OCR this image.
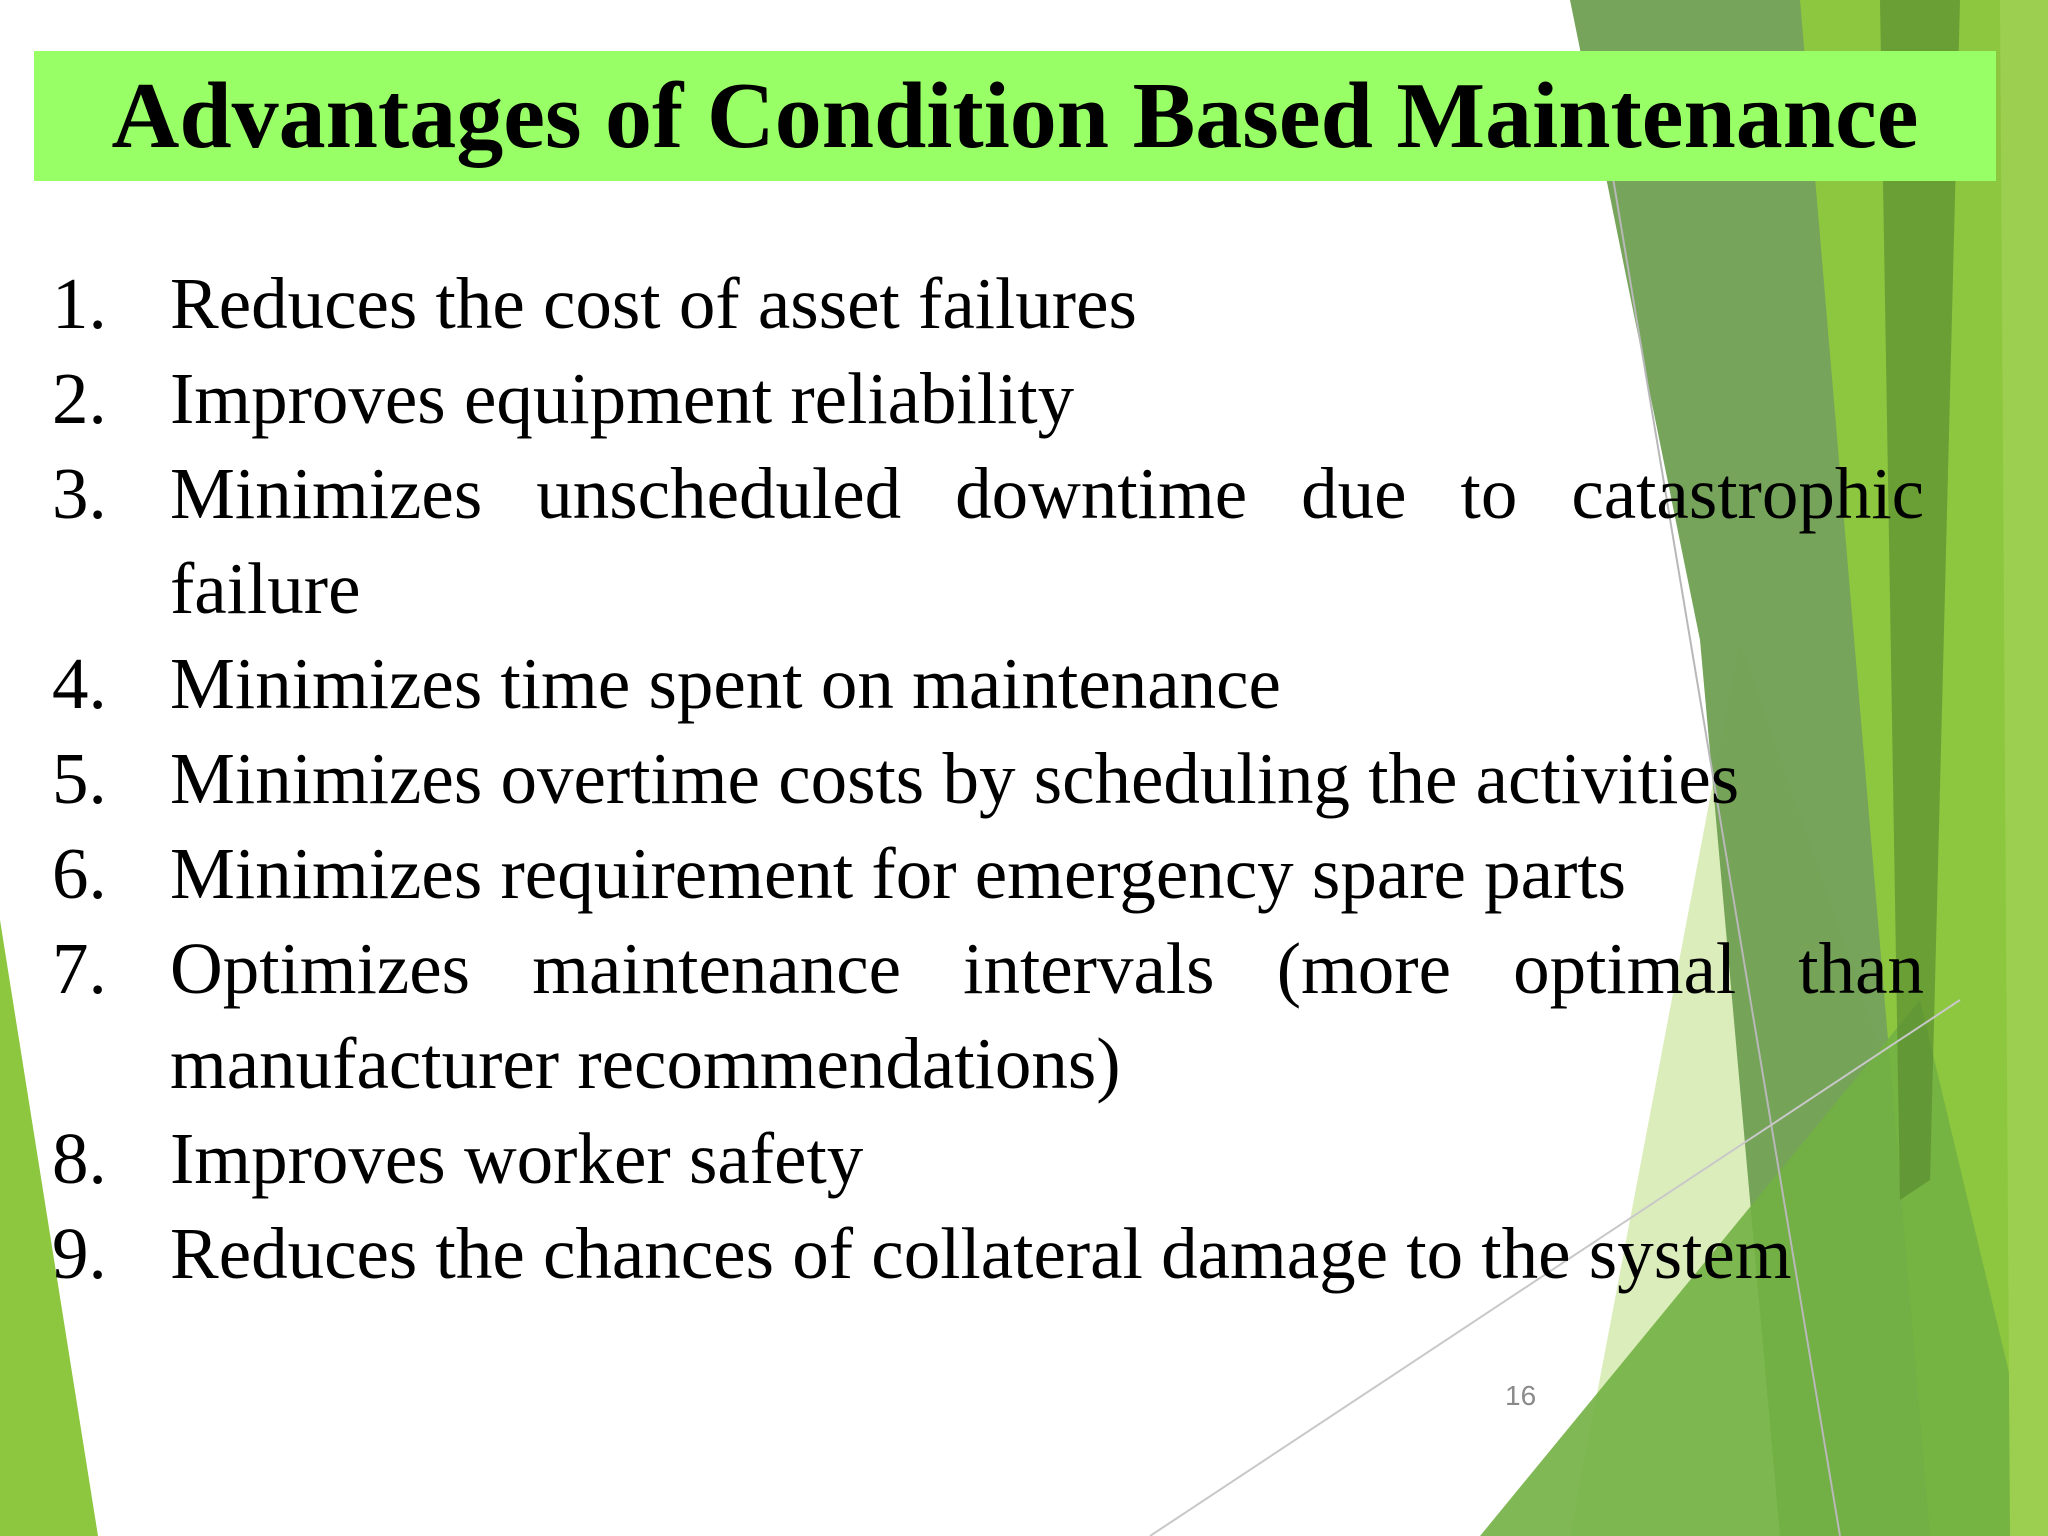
Advantages of Condition Based Maintenance
1. Reduces the cost of asset failures
2. Improves equipment reliability
3. Minimizes unscheduled downtime due to catastrophic failure
4. Minimizes time spent on maintenance
5. Minimizes overtime costs by scheduling the activities
6. Minimizes requirement for emergency spare parts
7. Optimizes maintenance intervals (more optimal than manufacturer recommendations)
8. Improves worker safety
9. Reduces the chances of collateral damage to the system
16
